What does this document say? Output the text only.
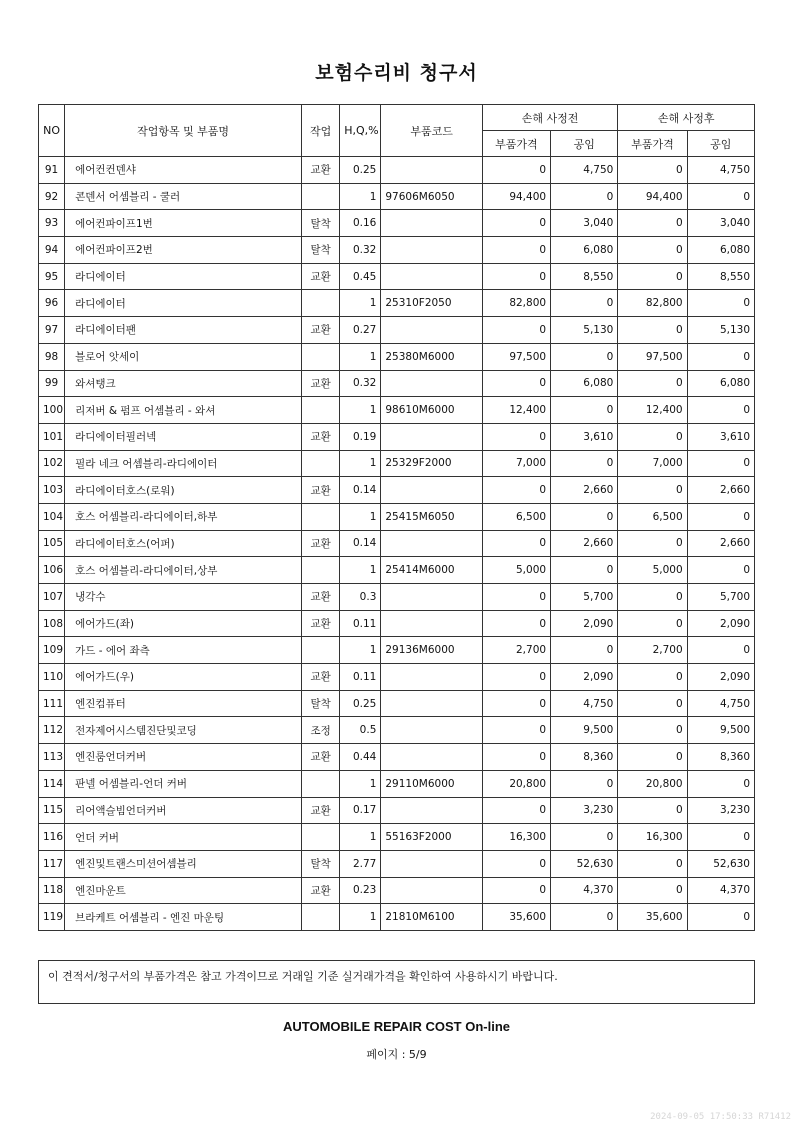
보험수리비 청구서
NO	작업항목 및 부품명	작업	H,Q,%	부품코드	손해 사정전		손해 사정후	
					부품가격	공임	부품가격	공임
91	에어컨컨덴샤	교환	0.25		0	4,750	0	4,750
92	콘덴서 어셈블리 - 쿨러		1	97606M6050	94,400	0	94,400	0
93	에어컨파이프1번	탈착	0.16		0	3,040	0	3,040
94	에어컨파이프2번	탈착	0.32		0	6,080	0	6,080
95	라디에이터	교환	0.45		0	8,550	0	8,550
96	라디에이터		1	25310F2050	82,800	0	82,800	0
97	라디에이터팬	교환	0.27		0	5,130	0	5,130
98	블로어 앗세이		1	25380M6000	97,500	0	97,500	0
99	와셔탱크	교환	0.32		0	6,080	0	6,080
100	리저버 & 펌프 어셈블리 - 와셔		1	98610M6000	12,400	0	12,400	0
101	라디에이터필러넥	교환	0.19		0	3,610	0	3,610
102	필라 네크 어셈블리-라디에이터		1	25329F2000	7,000	0	7,000	0
103	라디에이터호스(로워)	교환	0.14		0	2,660	0	2,660
104	호스 어셈블리-라디에이터,하부		1	25415M6050	6,500	0	6,500	0
105	라디에이터호스(어퍼)	교환	0.14		0	2,660	0	2,660
106	호스 어셈블리-라디에이터,상부		1	25414M6000	5,000	0	5,000	0
107	냉각수	교환	0.3		0	5,700	0	5,700
108	에어가드(좌)	교환	0.11		0	2,090	0	2,090
109	가드 - 에어 좌측		1	29136M6000	2,700	0	2,700	0
110	에어가드(우)	교환	0.11		0	2,090	0	2,090
111	엔진컴퓨터	탈착	0.25		0	4,750	0	4,750
112	전자제어시스템진단및코딩	조정	0.5		0	9,500	0	9,500
113	엔진룸언더커버	교환	0.44		0	8,360	0	8,360
114	판넬 어셈블리-언더 커버		1	29110M6000	20,800	0	20,800	0
115	리어액슬빔언더커버	교환	0.17		0	3,230	0	3,230
116	언더 커버		1	55163F2000	16,300	0	16,300	0
117	엔진및트랜스미션어셈블리	탈착	2.77		0	52,630	0	52,630
118	엔진마운트	교환	0.23		0	4,370	0	4,370
119	브라케트 어셈블리 - 엔진 마운팅		1	21810M6100	35,600	0	35,600	0
이 견적서/청구서의 부품가격은 참고 가격이므로 거래일 기준 실거래가격을 확인하여 사용하시기 바랍니다.
AUTOMOBILE REPAIR COST On-line
페이지 : 5/9
2024-09-05 17:50:33 R71412
